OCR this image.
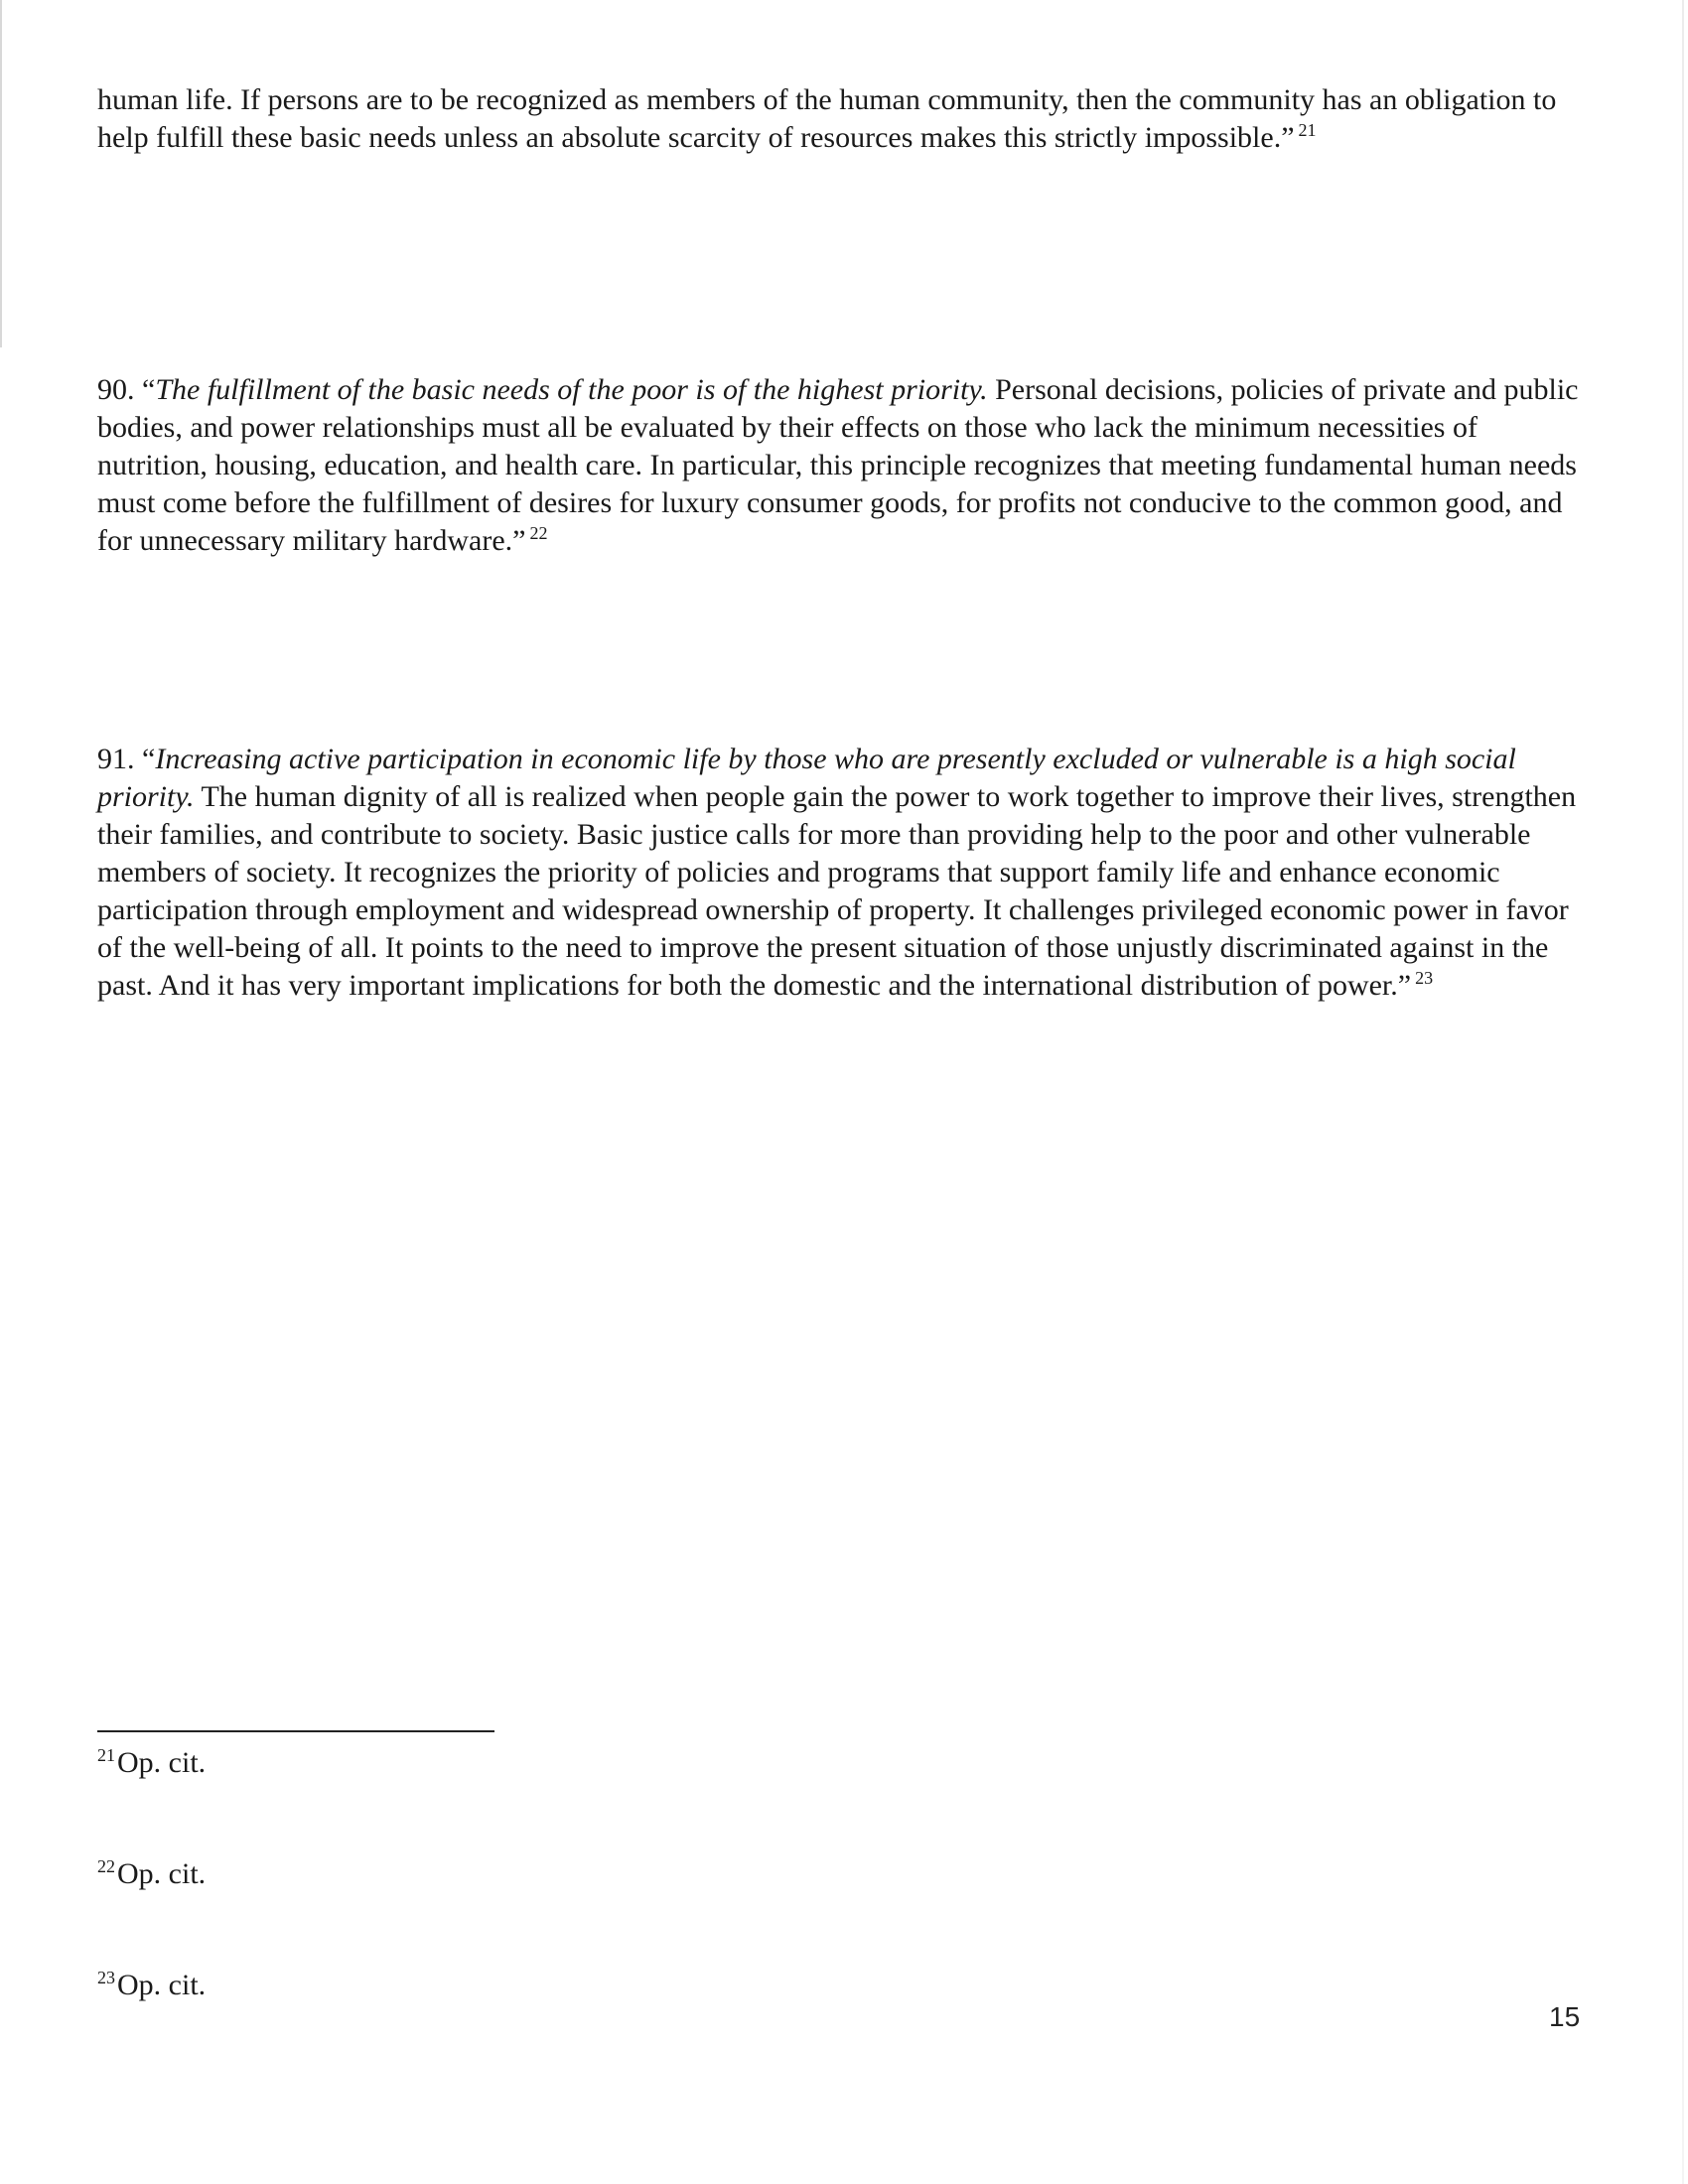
human life. If persons are to be recognized as members of the human community, then the community has an obligation to help fulfill these basic needs unless an absolute scarcity of resources makes this strictly impossible.” $^{21}$

90. “The fulfillment of the basic needs of the poor is of the highest priority. Personal decisions, policies of private and public bodies, and power relationships must all be evaluated by their effects on those who lack the minimum necessities of nutrition, housing, education, and health care. In particular, this principle recognizes that meeting fundamental human needs must come before the fulfillment of desires for luxury consumer goods, for profits not conducive to the common good, and for unnecessary military hardware.” $^{22}$

91. “Increasing active participation in economic life by those who are presently excluded or vulnerable is a high social priority. The human dignity of all is realized when people gain the power to work together to improve their lives, strengthen their families, and contribute to society. Basic justice calls for more than providing help to the poor and other vulnerable members of society. It recognizes the priority of policies and programs that support family life and enhance economic participation through employment and widespread ownership of property. It challenges privileged economic power in favor of the well-being of all. It points to the need to improve the present situation of those unjustly discriminated against in the past. And it has very important implications for both the domestic and the international distribution of power.” $^{23}$

$^{21}$Op. cit.
$^{22}$Op. cit.
$^{23}$Op. cit.
15
